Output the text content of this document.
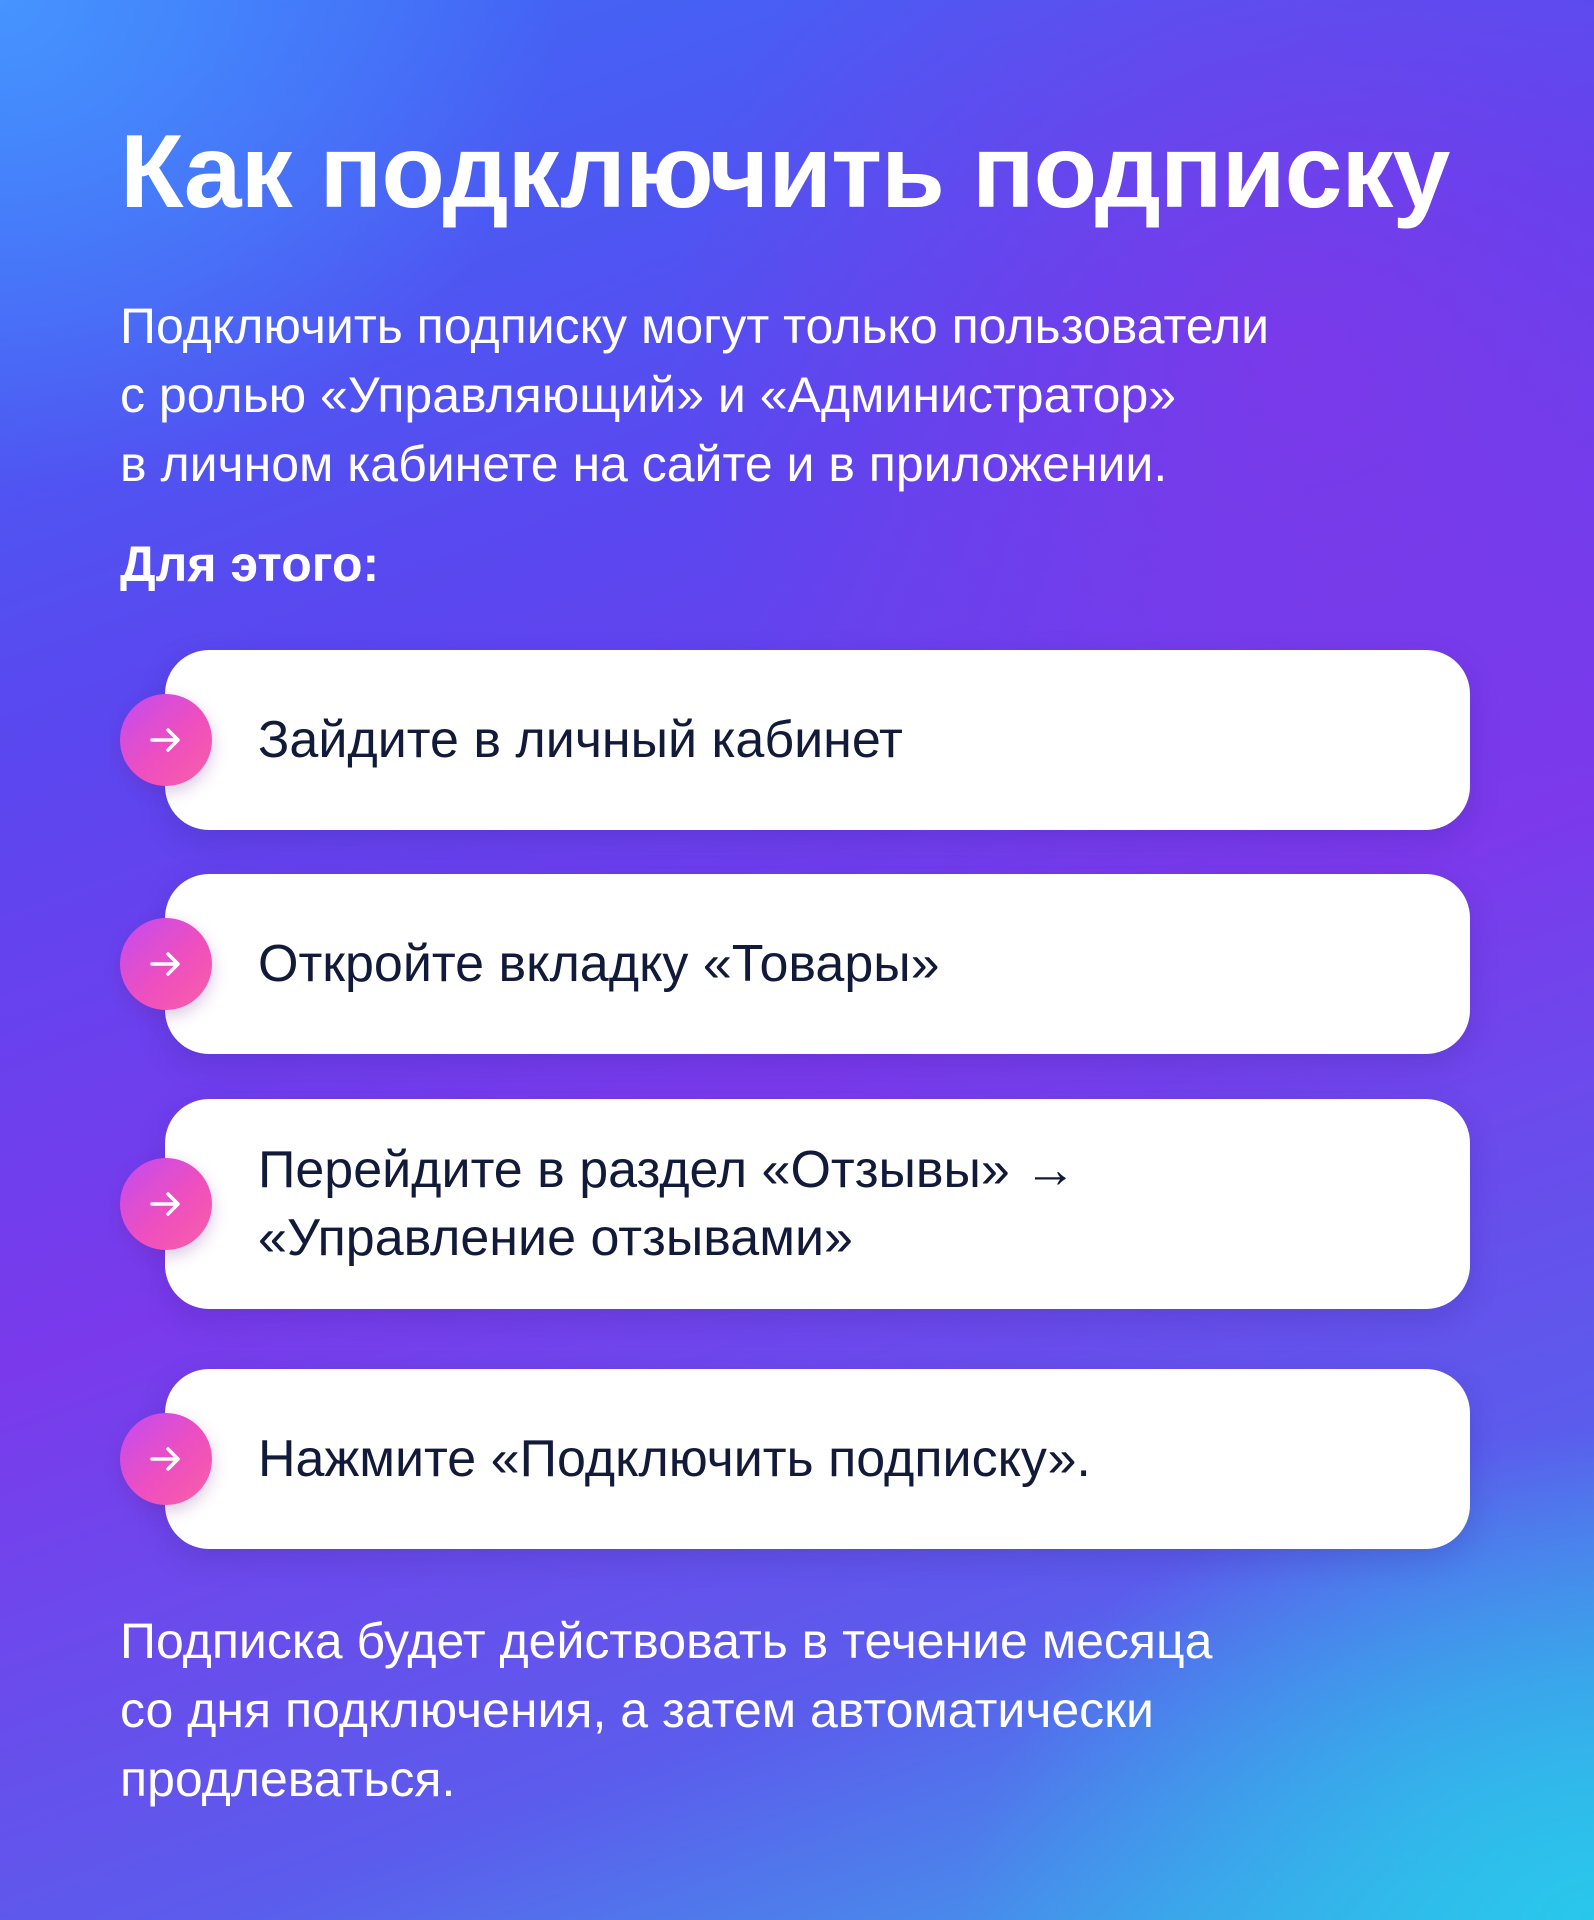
Как подключить подписку

Подключить подписку могут только пользователи
с ролью «Управляющий» и «Администратор»
в личном кабинете на сайте и в приложении.

Для этого:

Зайдите в личный кабинет
Откройте вкладку «Товары»
Перейдите в раздел «Отзывы» →
«Управление отзывами»
Нажмите «Подключить подписку».

Подписка будет действовать в течение месяца
со дня подключения, а затем автоматически
продлеваться.
